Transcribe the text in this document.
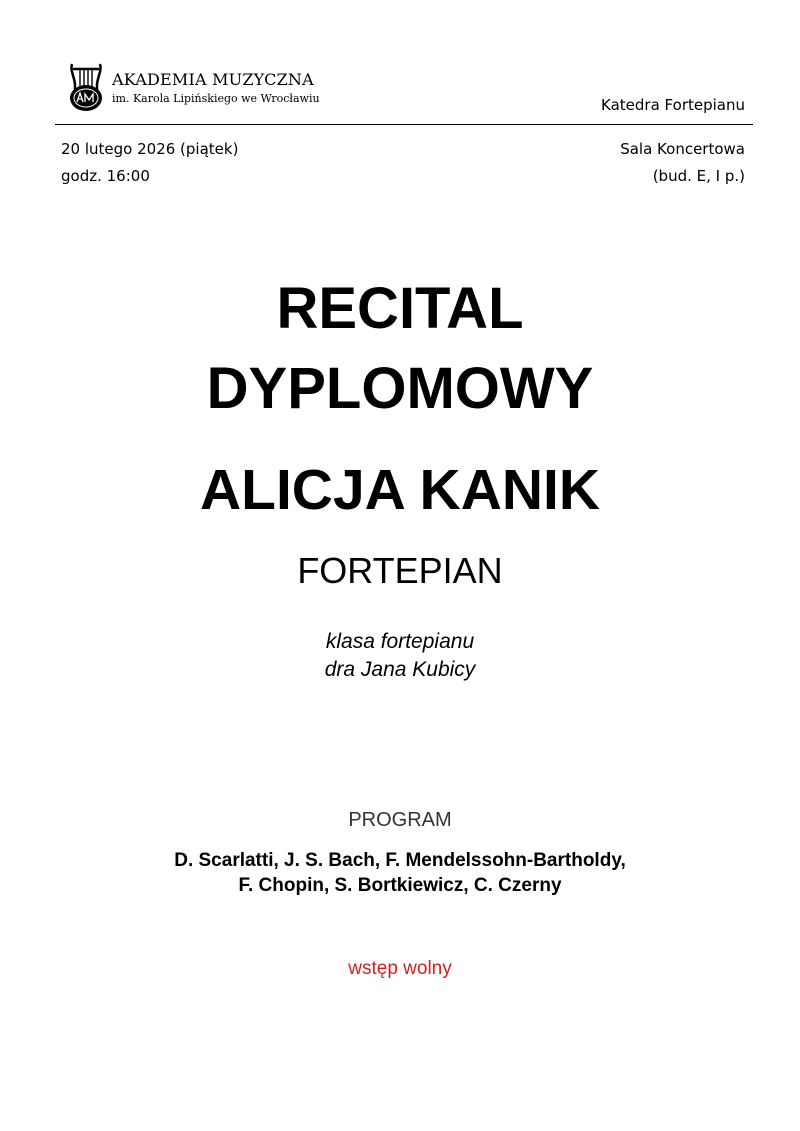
AKADEMIA MUZYCZNA
im. Karola Lipińskiego we Wrocławiu	Katedra Fortepianu
20 lutego 2026 (piątek)
godz. 16:00
Sala Koncertowa
(bud. E, I p.)
RECITAL
DYPLOMOWY
ALICJA KANIK
FORTEPIAN
klasa fortepianu
dra Jana Kubicy
PROGRAM
D. Scarlatti, J. S. Bach, F. Mendelssohn-Bartholdy,
F. Chopin, S. Bortkiewicz, C. Czerny
wstęp wolny
